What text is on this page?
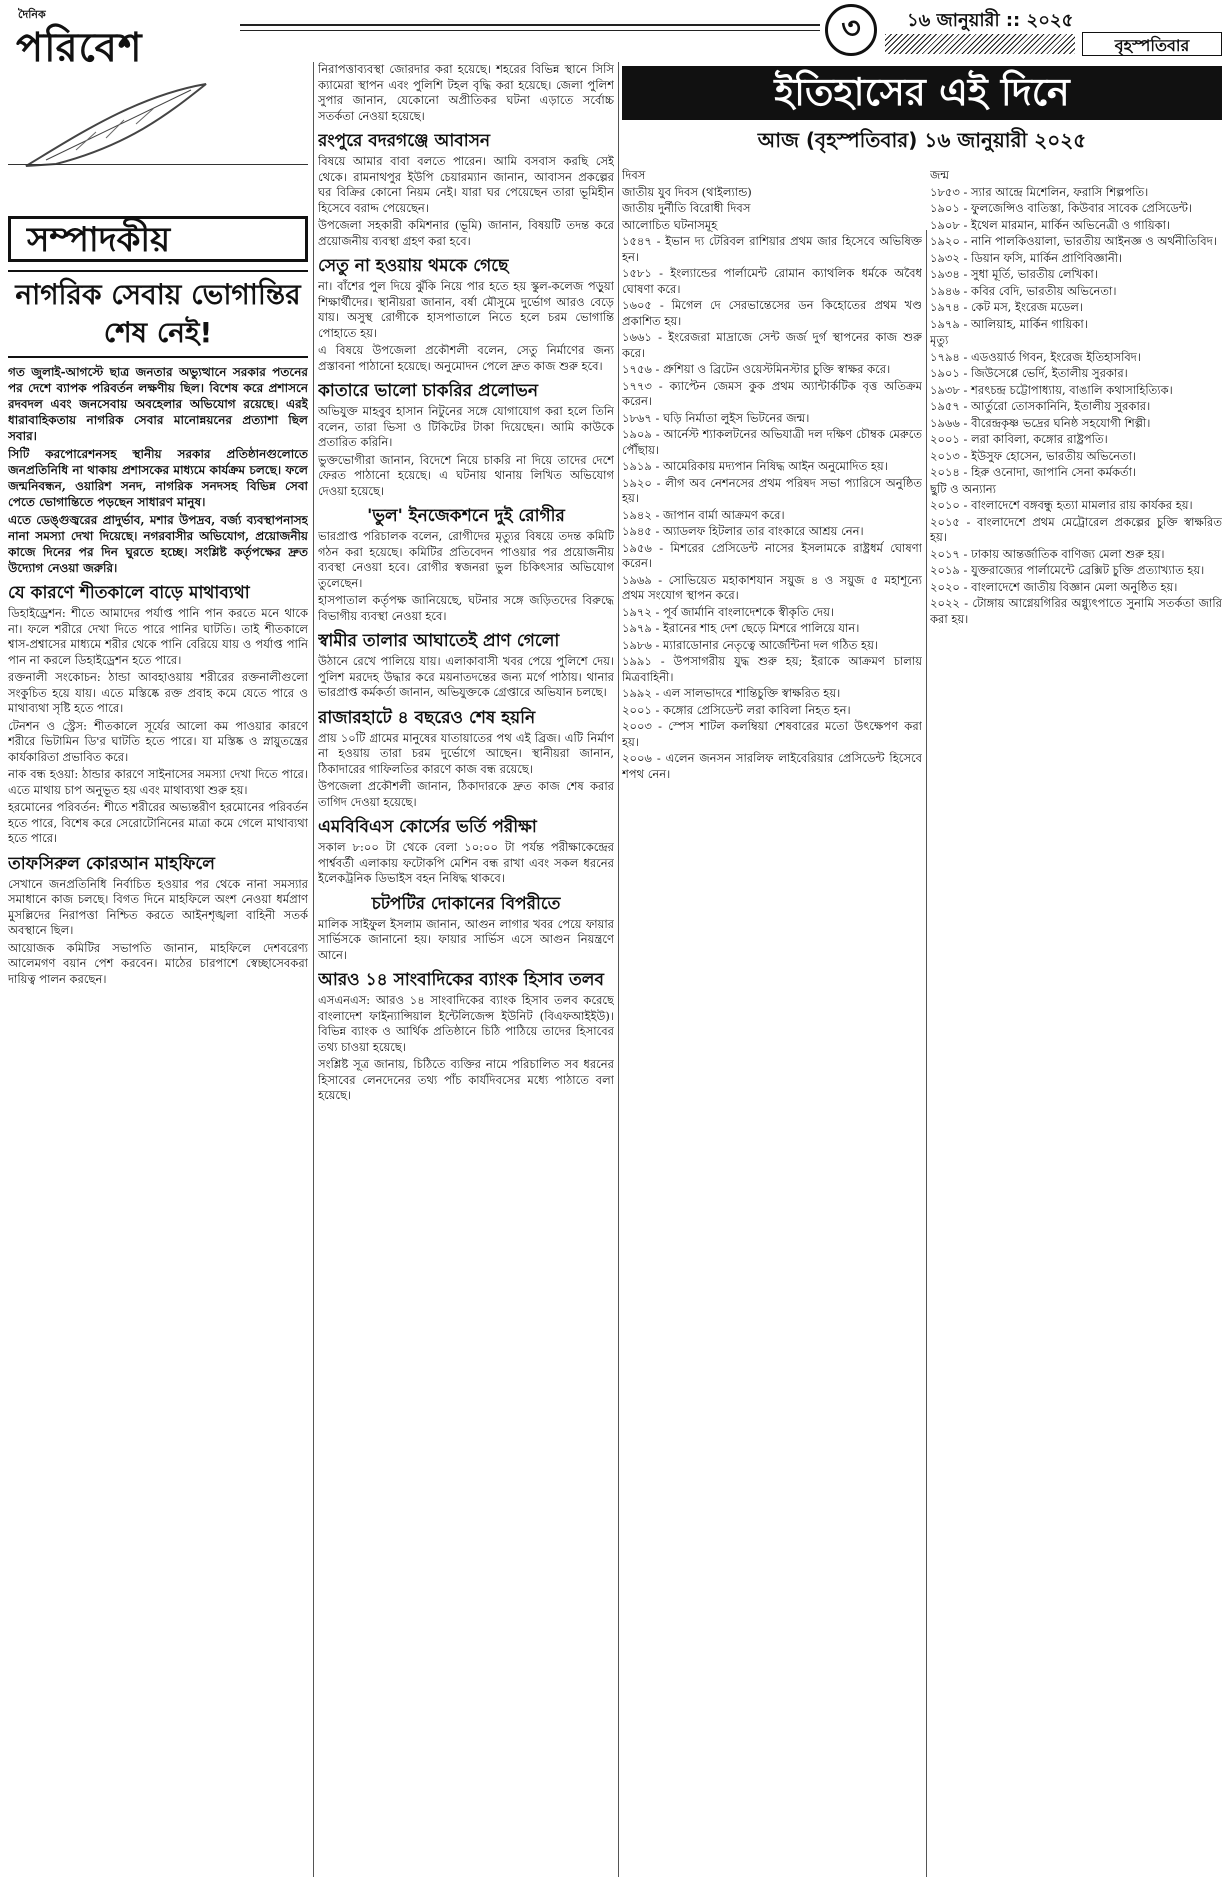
দৈনিক
পরিবেশ	৩	১৬ জানুয়ারী :: ২০২৫
বৃহস্পতিবার
সম্পাদকীয়
নাগরিক সেবায় ভোগান্তির শেষ নেই!

গত জুলাই-আগস্টে ছাত্র জনতার অভ্যুত্থানে সরকার পতনের পর দেশে ব্যাপক পরিবর্তন লক্ষণীয় ছিল। বিশেষ করে প্রশাসনে রদবদল এবং জনসেবায় অবহেলার অভিযোগ রয়েছে। এরই ধারাবাহিকতায় নাগরিক সেবার মানোন্নয়নের প্রত্যাশা ছিল সবার।

সিটি করপোরেশনসহ স্থানীয় সরকার প্রতিষ্ঠানগুলোতে জনপ্রতিনিধি না থাকায় প্রশাসকের মাধ্যমে কার্যক্রম চলছে। ফলে জন্মনিবন্ধন, ওয়ারিশ সনদ, নাগরিক সনদসহ বিভিন্ন সেবা পেতে ভোগান্তিতে পড়ছেন সাধারণ মানুষ।

এতে ডেঙ্গুজ্বরের প্রাদুর্ভাব, মশার উপদ্রব, বর্জ্য ব্যবস্থাপনাসহ নানা সমস্যা দেখা দিয়েছে। নগরবাসীর অভিযোগ, প্রয়োজনীয় কাজে দিনের পর দিন ঘুরতে হচ্ছে। সংশ্লিষ্ট কর্তৃপক্ষের দ্রুত উদ্যোগ নেওয়া জরুরি।

যে কারণে শীতকালে বাড়ে মাথাব্যথা

ডিহাইড্রেশন: শীতে আমাদের পর্যাপ্ত পানি পান করতে মনে থাকে না। ফলে শরীরে দেখা দিতে পারে পানির ঘাটতি। তাই শীতকালে শ্বাস-প্রশ্বাসের মাধ্যমে শরীর থেকে পানি বেরিয়ে যায় ও পর্যাপ্ত পানি পান না করলে ডিহাইড্রেশন হতে পারে।

রক্তনালী সংকোচন: ঠান্ডা আবহাওয়ায় শরীরের রক্তনালীগুলো সংকুচিত হয়ে যায়। এতে মস্তিষ্কে রক্ত প্রবাহ কমে যেতে পারে ও মাথাব্যথা সৃষ্টি হতে পারে।

টেনশন ও স্ট্রেস: শীতকালে সূর্যের আলো কম পাওয়ার কারণে শরীরে ভিটামিন ডি'র ঘাটতি হতে পারে। যা মস্তিষ্ক ও স্নায়ুতন্ত্রের কার্যকারিতা প্রভাবিত করে।

নাক বন্ধ হওয়া: ঠান্ডার কারণে সাইনাসের সমস্যা দেখা দিতে পারে। এতে মাথায় চাপ অনুভূত হয় এবং মাথাব্যথা শুরু হয়।

হরমোনের পরিবর্তন: শীতে শরীরের অভ্যন্তরীণ হরমোনের পরিবর্তন হতে পারে, বিশেষ করে সেরোটোনিনের মাত্রা কমে গেলে মাথাব্যথা হতে পারে।

তাফসিরুল কোরআন মাহফিলে

সেখানে জনপ্রতিনিধি নির্বাচিত হওয়ার পর থেকে নানা সমস্যার সমাধানে কাজ চলছে। বিগত দিনে মাহফিলে অংশ নেওয়া ধর্মপ্রাণ মুসল্লিদের নিরাপত্তা নিশ্চিত করতে আইনশৃঙ্খলা বাহিনী সতর্ক অবস্থানে ছিল।

আয়োজক কমিটির সভাপতি জানান, মাহফিলে দেশবরেণ্য আলেমগণ বয়ান পেশ করবেন। মাঠের চারপাশে স্বেচ্ছাসেবকরা দায়িত্ব পালন করছেন।

নিরাপত্তাব্যবস্থা জোরদার করা হয়েছে। শহরের বিভিন্ন স্থানে সিসি ক্যামেরা স্থাপন এবং পুলিশি টহল বৃদ্ধি করা হয়েছে। জেলা পুলিশ সুপার জানান, যেকোনো অপ্রীতিকর ঘটনা এড়াতে সর্বোচ্চ সতর্কতা নেওয়া হয়েছে।

রংপুরে বদরগঞ্জে আবাসন

বিষয়ে আমার বাবা বলতে পারেন। আমি বসবাস করছি সেই থেকে। রামনাথপুর ইউপি চেয়ারম্যান জানান, আবাসন প্রকল্পের ঘর বিক্রির কোনো নিয়ম নেই। যারা ঘর পেয়েছেন তারা ভূমিহীন হিসেবে বরাদ্দ পেয়েছেন।

উপজেলা সহকারী কমিশনার (ভূমি) জানান, বিষয়টি তদন্ত করে প্রয়োজনীয় ব্যবস্থা গ্রহণ করা হবে।

সেতু না হওয়ায় থমকে গেছে

না। বাঁশের পুল দিয়ে ঝুঁকি নিয়ে পার হতে হয় স্কুল-কলেজ পড়ুয়া শিক্ষার্থীদের। স্থানীয়রা জানান, বর্ষা মৌসুমে দুর্ভোগ আরও বেড়ে যায়। অসুস্থ রোগীকে হাসপাতালে নিতে হলে চরম ভোগান্তি পোহাতে হয়।

এ বিষয়ে উপজেলা প্রকৌশলী বলেন, সেতু নির্মাণের জন্য প্রস্তাবনা পাঠানো হয়েছে। অনুমোদন পেলে দ্রুত কাজ শুরু হবে।

কাতারে ভালো চাকরির প্রলোভন

অভিযুক্ত মাহবুব হাসান নিটুনের সঙ্গে যোগাযোগ করা হলে তিনি বলেন, তারা ভিসা ও টিকিটের টাকা দিয়েছেন। আমি কাউকে প্রতারিত করিনি।

ভুক্তভোগীরা জানান, বিদেশে নিয়ে চাকরি না দিয়ে তাদের দেশে ফেরত পাঠানো হয়েছে। এ ঘটনায় থানায় লিখিত অভিযোগ দেওয়া হয়েছে।

'ভুল' ইনজেকশনে দুই রোগীর

ভারপ্রাপ্ত পরিচালক বলেন, রোগীদের মৃত্যুর বিষয়ে তদন্ত কমিটি গঠন করা হয়েছে। কমিটির প্রতিবেদন পাওয়ার পর প্রয়োজনীয় ব্যবস্থা নেওয়া হবে। রোগীর স্বজনরা ভুল চিকিৎসার অভিযোগ তুলেছেন।

হাসপাতাল কর্তৃপক্ষ জানিয়েছে, ঘটনার সঙ্গে জড়িতদের বিরুদ্ধে বিভাগীয় ব্যবস্থা নেওয়া হবে।

স্বামীর তালার আঘাতেই প্রাণ গেলো

উঠানে রেখে পালিয়ে যায়। এলাকাবাসী খবর পেয়ে পুলিশে দেয়। পুলিশ মরদেহ উদ্ধার করে ময়নাতদন্তের জন্য মর্গে পাঠায়। থানার ভারপ্রাপ্ত কর্মকর্তা জানান, অভিযুক্তকে গ্রেপ্তারে অভিযান চলছে।

রাজারহাটে ৪ বছরেও শেষ হয়নি

প্রায় ১০টি গ্রামের মানুষের যাতায়াতের পথ এই ব্রিজ। এটি নির্মাণ না হওয়ায় তারা চরম দুর্ভোগে আছেন। স্থানীয়রা জানান, ঠিকাদারের গাফিলতির কারণে কাজ বন্ধ রয়েছে।

উপজেলা প্রকৌশলী জানান, ঠিকাদারকে দ্রুত কাজ শেষ করার তাগিদ দেওয়া হয়েছে।

এমবিবিএস কোর্সের ভর্তি পরীক্ষা

সকাল ৮:০০ টা থেকে বেলা ১০:০০ টা পর্যন্ত পরীক্ষাকেন্দ্রের পার্শ্ববর্তী এলাকায় ফটোকপি মেশিন বন্ধ রাখা এবং সকল ধরনের ইলেকট্রনিক ডিভাইস বহন নিষিদ্ধ থাকবে।

চটপটির দোকানের বিপরীতে

মালিক সাইফুল ইসলাম জানান, আগুন লাগার খবর পেয়ে ফায়ার সার্ভিসকে জানানো হয়। ফায়ার সার্ভিস এসে আগুন নিয়ন্ত্রণে আনে।

আরও ১৪ সাংবাদিকের ব্যাংক হিসাব তলব

এসএনএস: আরও ১৪ সাংবাদিকের ব্যাংক হিসাব তলব করেছে বাংলাদেশ ফাইন্যান্সিয়াল ইন্টেলিজেন্স ইউনিট (বিএফআইইউ)। বিভিন্ন ব্যাংক ও আর্থিক প্রতিষ্ঠানে চিঠি পাঠিয়ে তাদের হিসাবের তথ্য চাওয়া হয়েছে।

সংশ্লিষ্ট সূত্র জানায়, চিঠিতে ব্যক্তির নামে পরিচালিত সব ধরনের হিসাবের লেনদেনের তথ্য পাঁচ কার্যদিবসের মধ্যে পাঠাতে বলা হয়েছে।

ইতিহাসের এই দিনে
আজ (বৃহস্পতিবার) ১৬ জানুয়ারী ২০২৫
দিবস
জাতীয় যুব দিবস (থাইল্যান্ড)
জাতীয় দুর্নীতি বিরোধী দিবস
আলোচিত ঘটনাসমূহ
১৫৪৭ - ইভান দ্য টেরিবল রাশিয়ার প্রথম জার হিসেবে অভিষিক্ত হন।
১৫৮১ - ইংল্যান্ডের পার্লামেন্ট রোমান ক্যাথলিক ধর্মকে অবৈধ ঘোষণা করে।
১৬০৫ - মিগেল দে সেরভান্তেসের ডন কিহোতের প্রথম খণ্ড প্রকাশিত হয়।
১৬৬১ - ইংরেজরা মাদ্রাজে সেন্ট জর্জ দুর্গ স্থাপনের কাজ শুরু করে।
১৭৫৬ - প্রুশিয়া ও ব্রিটেন ওয়েস্টমিনস্টার চুক্তি স্বাক্ষর করে।
১৭৭৩ - ক্যাপ্টেন জেমস কুক প্রথম অ্যান্টার্কটিক বৃত্ত অতিক্রম করেন।
১৮৬৭ - ঘড়ি নির্মাতা লুইস ভিটনের জন্ম।
১৯০৯ - আর্নেস্ট শ্যাকলটনের অভিযাত্রী দল দক্ষিণ চৌম্বক মেরুতে পৌঁছায়।
১৯১৯ - আমেরিকায় মদ্যপান নিষিদ্ধ আইন অনুমোদিত হয়।
১৯২০ - লীগ অব নেশনসের প্রথম পরিষদ সভা প্যারিসে অনুষ্ঠিত হয়।
১৯৪২ - জাপান বার্মা আক্রমণ করে।
১৯৪৫ - অ্যাডলফ হিটলার তার বাংকারে আশ্রয় নেন।
১৯৫৬ - মিশরের প্রেসিডেন্ট নাসের ইসলামকে রাষ্ট্রধর্ম ঘোষণা করেন।
১৯৬৯ - সোভিয়েত মহাকাশযান সয়ুজ ৪ ও সয়ুজ ৫ মহাশূন্যে প্রথম সংযোগ স্থাপন করে।
১৯৭২ - পূর্ব জার্মানি বাংলাদেশকে স্বীকৃতি দেয়।
১৯৭৯ - ইরানের শাহ দেশ ছেড়ে মিশরে পালিয়ে যান।
১৯৮৬ - ম্যারাডোনার নেতৃত্বে আর্জেন্টিনা দল গঠিত হয়।
১৯৯১ - উপসাগরীয় যুদ্ধ শুরু হয়; ইরাকে আক্রমণ চালায় মিত্রবাহিনী।
১৯৯২ - এল সালভাদরে শান্তিচুক্তি স্বাক্ষরিত হয়।
২০০১ - কঙ্গোর প্রেসিডেন্ট লরা কাবিলা নিহত হন।
২০০৩ - স্পেস শাটল কলম্বিয়া শেষবারের মতো উৎক্ষেপণ করা হয়।
২০০৬ - এলেন জনসন সারলিফ লাইবেরিয়ার প্রেসিডেন্ট হিসেবে শপথ নেন।
জন্ম
১৮৫৩ - স্যার আন্দ্রে মিশেলিন, ফরাসি শিল্পপতি।
১৯০১ - ফুলজেন্সিও বাতিস্তা, কিউবার সাবেক প্রেসিডেন্ট।
১৯০৮ - ইথেল মারমান, মার্কিন অভিনেত্রী ও গায়িকা।
১৯২০ - নানি পালকিওয়ালা, ভারতীয় আইনজ্ঞ ও অর্থনীতিবিদ।
১৯৩২ - ডিয়ান ফসি, মার্কিন প্রাণিবিজ্ঞানী।
১৯৩৪ - সুধা মূর্তি, ভারতীয় লেখিকা।
১৯৪৬ - কবির বেদি, ভারতীয় অভিনেতা।
১৯৭৪ - কেট মস, ইংরেজ মডেল।
১৯৭৯ - আলিয়াহ, মার্কিন গায়িকা।
মৃত্যু
১৭৯৪ - এডওয়ার্ড গিবন, ইংরেজ ইতিহাসবিদ।
১৯০১ - জিউসেপ্পে ভের্দি, ইতালীয় সুরকার।
১৯৩৮ - শরৎচন্দ্র চট্টোপাধ্যায়, বাঙালি কথাসাহিত্যিক।
১৯৫৭ - আর্তুরো তোসকানিনি, ইতালীয় সুরকার।
১৯৬৬ - বীরেন্দ্রকৃষ্ণ ভদ্রের ঘনিষ্ঠ সহযোগী শিল্পী।
২০০১ - লরা কাবিলা, কঙ্গোর রাষ্ট্রপতি।
২০১৩ - ইউসুফ হোসেন, ভারতীয় অভিনেতা।
২০১৪ - হিরু ওনোদা, জাপানি সেনা কর্মকর্তা।
ছুটি ও অন্যান্য
২০১০ - বাংলাদেশে বঙ্গবন্ধু হত্যা মামলার রায় কার্যকর হয়।
২০১৫ - বাংলাদেশে প্রথম মেট্রোরেল প্রকল্পের চুক্তি স্বাক্ষরিত হয়।
২০১৭ - ঢাকায় আন্তর্জাতিক বাণিজ্য মেলা শুরু হয়।
২০১৯ - যুক্তরাজ্যের পার্লামেন্টে ব্রেক্সিট চুক্তি প্রত্যাখ্যাত হয়।
২০২০ - বাংলাদেশে জাতীয় বিজ্ঞান মেলা অনুষ্ঠিত হয়।
২০২২ - টোঙ্গায় আগ্নেয়গিরির অগ্ন্যুৎপাতে সুনামি সতর্কতা জারি করা হয়।
